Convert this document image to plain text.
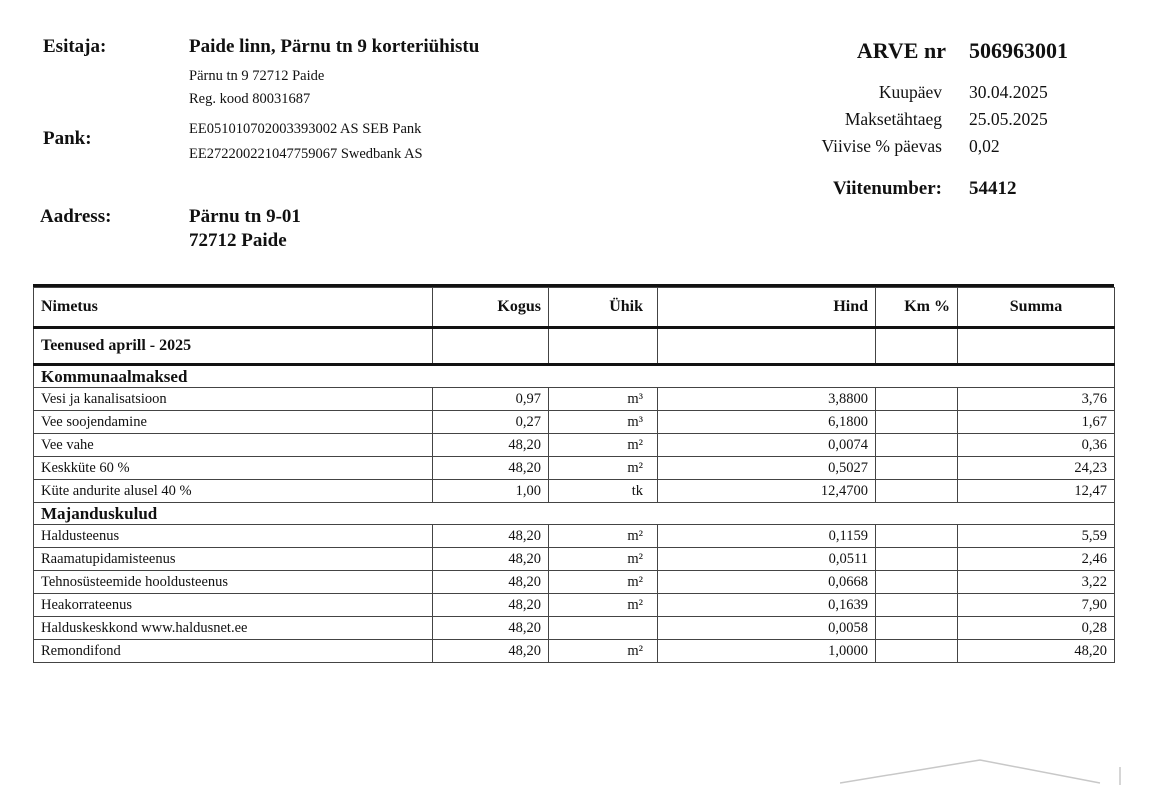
Esitaja:	Paide linn, Pärnu tn 9 korteriühistu
Pärnu tn 9 72712 Paide
Reg. kood 80031687
Pank:	EE051010702003393002 AS SEB Pank
EE272200221047759067 Swedbank AS
Aadress:	Pärnu tn 9-01
72712 Paide
ARVE nr 506963001
Kuupäev 30.04.2025
Maksetähtaeg 25.05.2025
Viivise % päevas 0,02
Viitenumber: 54412
Nimetus	Kogus	Ühik	Hind	Km %	Summa
Teenused aprill - 2025					
Kommunaalmaksed					
Vesi ja kanalisatsioon	0,97	m³	3,8800		3,76
Vee soojendamine	0,27	m³	6,1800		1,67
Vee vahe	48,20	m²	0,0074		0,36
Keskküte 60 %	48,20	m²	0,5027		24,23
Küte andurite alusel 40 %	1,00	tk	12,4700		12,47
Majanduskulud					
Haldusteenus	48,20	m²	0,1159		5,59
Raamatupidamisteenus	48,20	m²	0,0511		2,46
Tehnosüsteemide hooldusteenus	48,20	m²	0,0668		3,22
Heakorrateenus	48,20	m²	0,1639		7,90
Halduskeskkond www.haldusnet.ee	48,20		0,0058		0,28
Remondifond	48,20	m²	1,0000		48,20
